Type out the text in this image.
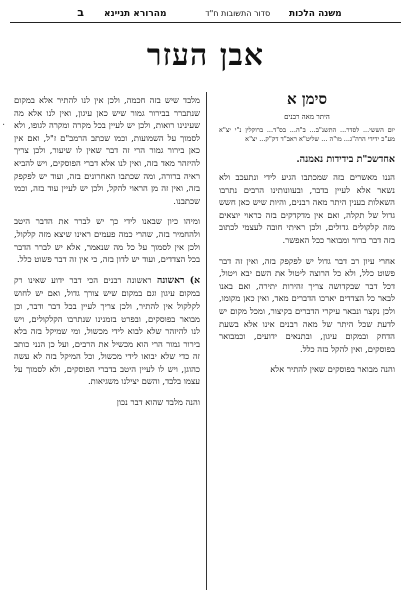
משנה הלכות
סדור התשובות ח"ד
מהרורא תניינא
ב
אבן העזר
סימן א
היתר מאה רבנים
יום הששי... לסדר... התשנ"ב... ב"ה... בס"ד... ברוקלין נ"י יצ"א מע"כ ידידי הרה"ג... מו"ה ... שליט"א ראב"ד דק"ק... יצ"א
אחדשכ"ת בידידות נאמנה.

הננו מאשרים בזה שמכתבו הגיע לידי ונתעכב ולא נשאר אלא לעיין בדבר, ובעוונותינו הרבים נתרבו השאלות בענין היתר מאה רבנים, והיות שיש כאן חשש גדול של תקלה, ואם אין מדקדקים בזה כראוי יוצאים מזה קלקולים גדולים, ולכן ראיתי חובה לעצמי לכתוב בזה דבר ברור ומבואר ככל האפשר.

אחרי עיון רב דבר גדול יש לפקפק בזה, ואין זה דבר פשוט כלל, ולא כל הרוצה ליטול את השם יבא ויטול, דכל דבר שבקדושה צריך זהירות יתירה, ואם באנו לבאר כל הצדדים יארכו הדברים מאד, ואין כאן מקומו, ולכן נקצר ונבאר עיקרי הדברים בקיצור, ומכל מקום יש לדעת שכל היתר של מאה רבנים אינו אלא בשעת הדחק ובמקום עיגון, ובתנאים ידועים, וכמבואר בפוסקים, ואין להקל בזה כלל.

והנה מבואר בפוסקים שאין להתיר אלא

מלבד שיש בזה חכמה, ולכן אין לנו להתיר אלא במקום שנתברר בבירור גמור שיש כאן עיגון, ואין לנו אלא מה שעינינו רואות, ולכן יש לעיין בכל מקרה ומקרה לגופו, ולא לסמוך על השמועות, וכמו שכתב הרמב"ם ז"ל, ואם אין כאן בירור גמור הרי זה דבר שאין לו שיעור, ולכן צריך להיזהר מאד בזה, ואין לנו אלא דברי הפוסקים, ויש להביא ראיה ברורה, ומה שכתבו האחרונים בזה, ועוד יש לפקפק בזה, ואין זה מן הראוי להקל, ולכן יש לעיין עוד בזה, וכמו שכתבנו.

ומיהו כיון שבאנו לידי כך יש לברר את הדבר היטב ולהחמיר בזה, שהרי כמה פעמים ראינו שיצא מזה קלקול, ולכן אין לסמוך על כל מה שנאמר, אלא יש לברר הדבר בכל הצדדים, ועוד יש לדון בזה, כי אין זה דבר פשוט כלל.

א) ראשונה ראשונה רבנים הכי דבר ידוע שאינו רק במקום עיגון וגם במקום שיש צורך גדול, ואם יש לחוש לקלקול אין להתיר, ולכן צריך לעיין בכל דבר ודבר, וכן מבואר בפוסקים, ובפרט בזמנינו שנתרבו הקלקולים, ויש לנו להיזהר שלא לבוא לידי מכשול, ומי שמיקל בזה בלא בירור גמור הרי הוא מכשיל את הרבים, ועל כן הנני כותב זה כדי שלא יבואו לידי מכשול, וכל המיקל בזה לא עשה כהוגן, ויש לו לעיין היטב בדברי הפוסקים, ולא לסמוך על עצמו בלבד, והשם יצילנו משגיאות.

והנה מלבד שהוא דבר נכון

·
